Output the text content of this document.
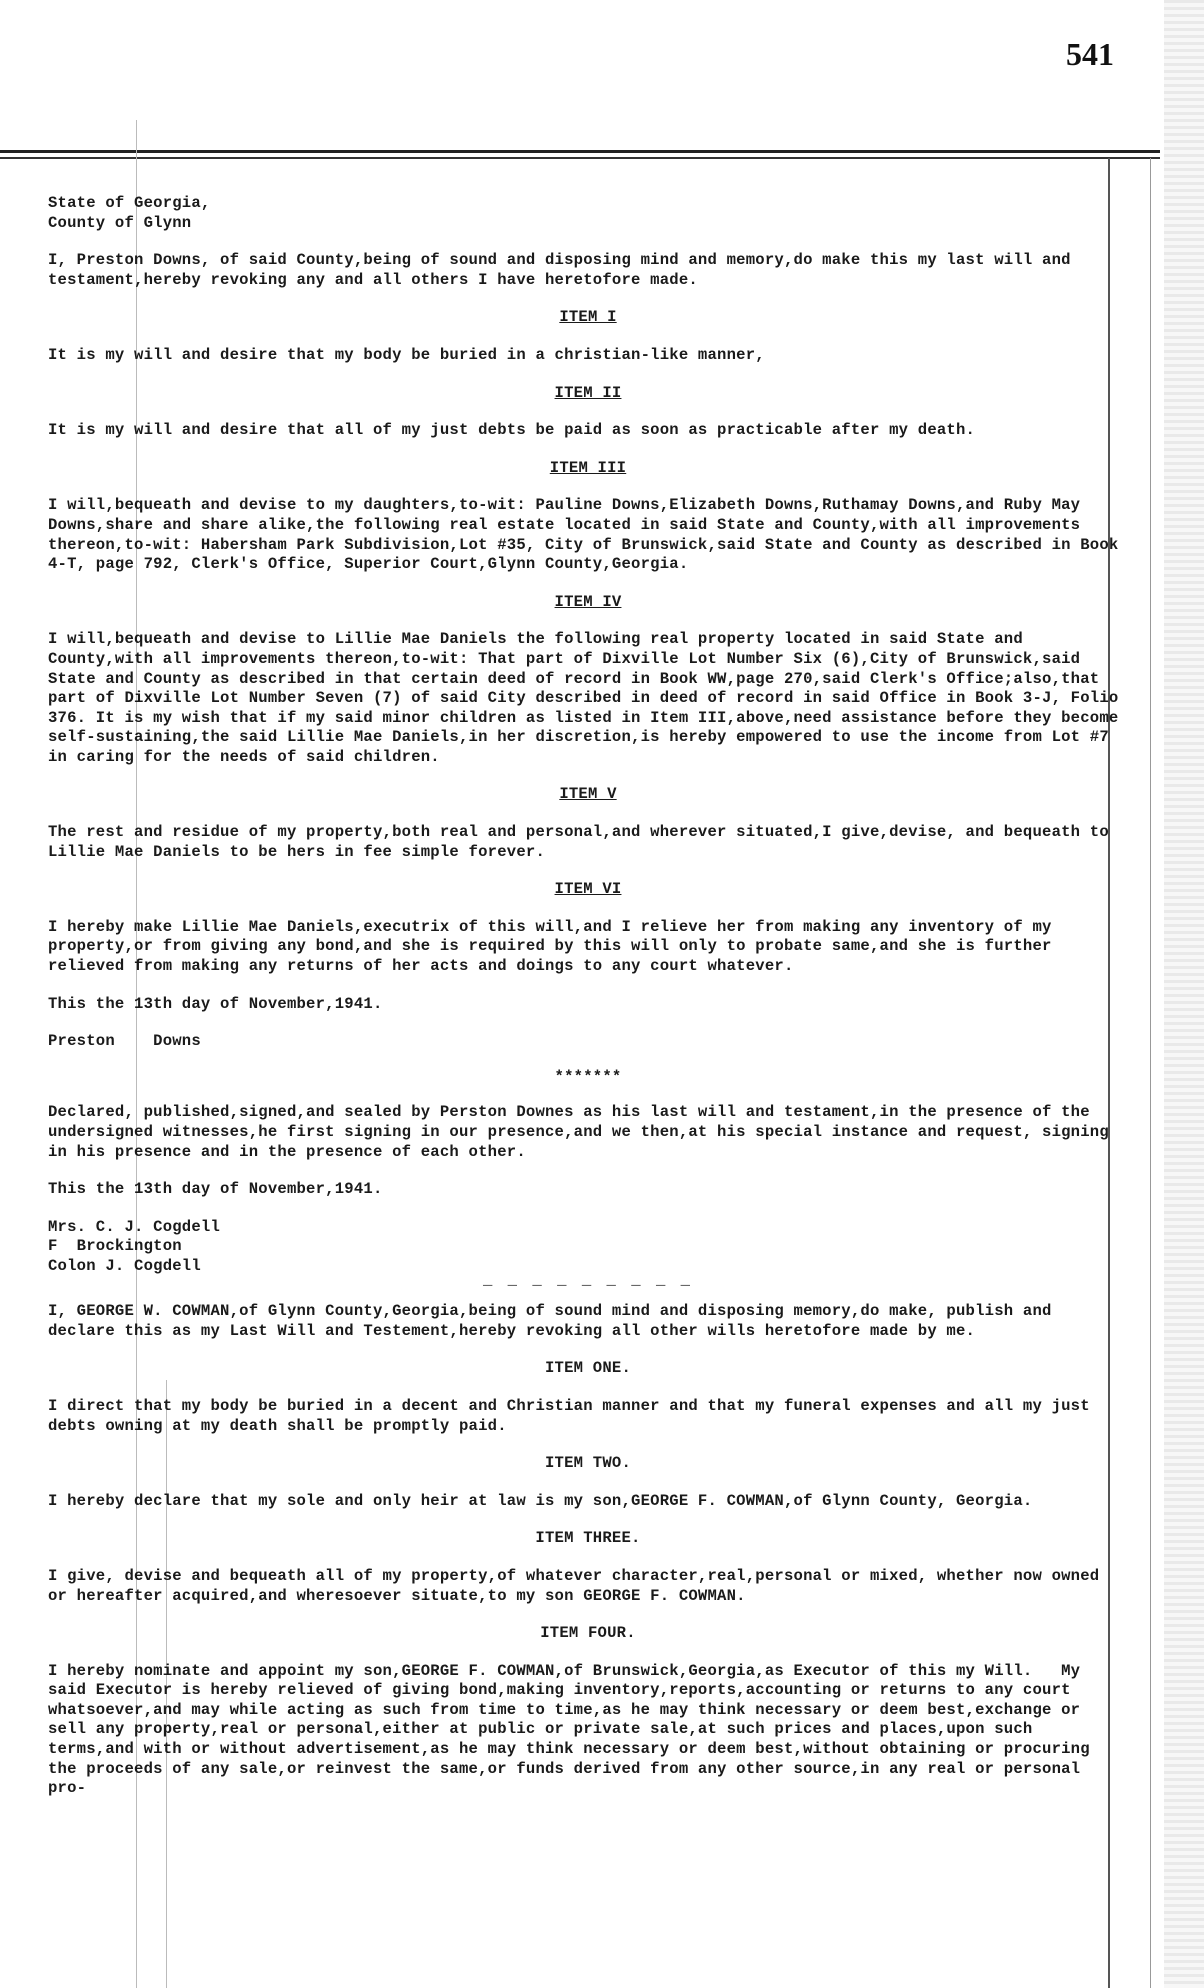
541

State of Georgia,

County of Glynn

I, Preston Downs, of said County,being of sound and disposing mind and memory,do make this my last will and testament,hereby revoking any and all others I have heretofore made.

ITEM I

It is my will and desire that my body be buried in a christian-like manner,

ITEM II

It is my will and desire that all of my just debts be paid as soon as practicable after my death.

ITEM III

I will,bequeath and devise to my daughters,to-wit: Pauline Downs,Elizabeth Downs,Ruthamay Downs,and Ruby May Downs,share and share alike,the following real estate located in said State and County,with all improvements thereon,to-wit: Habersham Park Subdivision,Lot #35, City of Brunswick,said State and County as described in Book 4-T, page 792, Clerk's Office, Superior Court,Glynn County,Georgia.

ITEM IV

I will,bequeath and devise to Lillie Mae Daniels the following real property located in said State and County,with all improvements thereon,to-wit: That part of Dixville Lot Number Six (6),City of Brunswick,said State and County as described in that certain deed of record in Book WW,page 270,said Clerk's Office;also,that part of Dixville Lot Number Seven (7) of said City described in deed of record in said Office in Book 3-J, Folio 376. It is my wish that if my said minor children as listed in Item III,above,need assistance before they become self-sustaining,the said Lillie Mae Daniels,in her discretion,is hereby empowered to use the income from Lot #7 in caring for the needs of said children.

ITEM V

The rest and residue of my property,both real and personal,and wherever situated,I give,devise, and bequeath to Lillie Mae Daniels to be hers in fee simple forever.

ITEM VI

I hereby make Lillie Mae Daniels,executrix of this will,and I relieve her from making any inventory of my property,or from giving any bond,and she is required by this will only to probate same,and she is further relieved from making any returns of her acts and doings to any court whatever.

This the 13th day of November,1941.

Preston    Downs

*******

Declared, published,signed,and sealed by Perston Downes as his last will and testament,in the presence of the undersigned witnesses,he first signing in our presence,and we then,at his special instance and request, signing in his presence and in the presence of each other.

This the 13th day of November,1941.

Mrs. C. J. Cogdell

F  Brockington

Colon J. Cogdell

_ _ _ _ _ _ _ _ _

I, GEORGE W. COWMAN,of Glynn County,Georgia,being of sound mind and disposing memory,do make, publish and declare this as my Last Will and Testement,hereby revoking all other wills heretofore made by me.

ITEM ONE.

I direct that my body be buried in a decent and Christian manner and that my funeral expenses and all my just debts owning at my death shall be promptly paid.

ITEM TWO.

I hereby declare that my sole and only heir at law is my son,GEORGE F. COWMAN,of Glynn County, Georgia.

ITEM THREE.

I give, devise and bequeath all of my property,of whatever character,real,personal or mixed, whether now owned or hereafter acquired,and wheresoever situate,to my son GEORGE F. COWMAN.

ITEM FOUR.

I hereby nominate and appoint my son,GEORGE F. COWMAN,of Brunswick,Georgia,as Executor of this my Will.   My said Executor is hereby relieved of giving bond,making inventory,reports,accounting or returns to any court whatsoever,and may while acting as such from time to time,as he may think necessary or deem best,exchange or sell any property,real or personal,either at public or private sale,at such prices and places,upon such terms,and with or without advertisement,as he may think necessary or deem best,without obtaining or procuring the proceeds of any sale,or reinvest the same,or funds derived from any other source,in any real or personal pro-
